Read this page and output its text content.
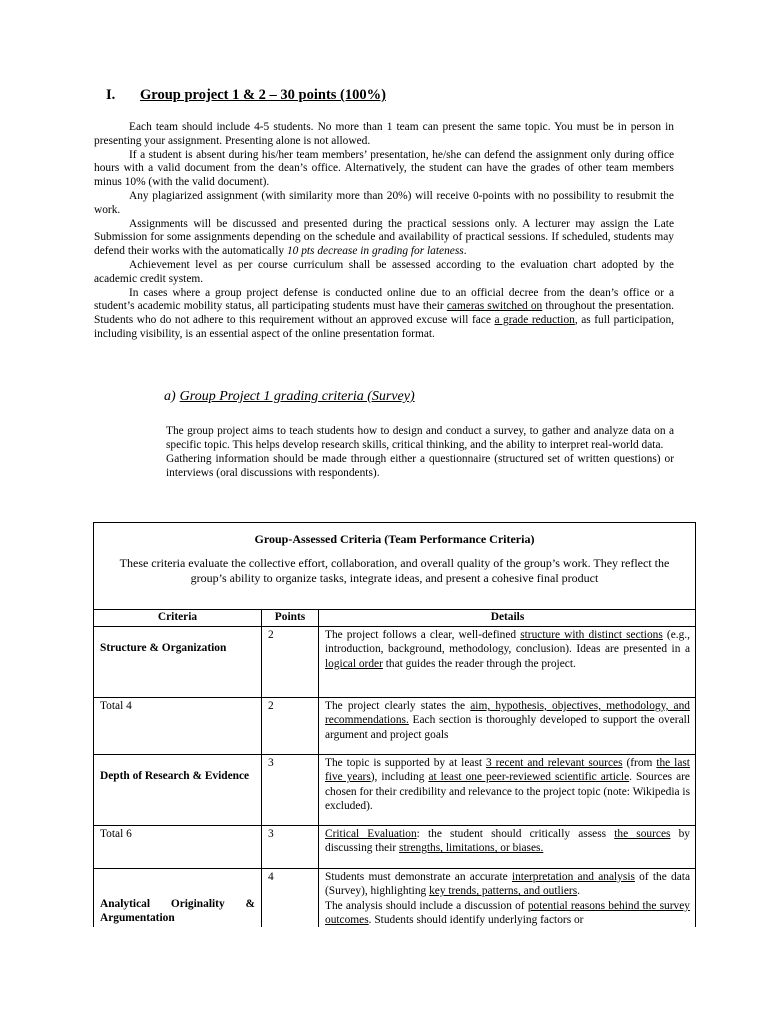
I. Group project 1 & 2 – 30 points (100%)

Each team should include 4-5 students. No more than 1 team can present the same topic. You must be in person in presenting your assignment. Presenting alone is not allowed.

If a student is absent during his/her team members’ presentation, he/she can defend the assignment only during office hours with a valid document from the dean’s office. Alternatively, the student can have the grades of other team members minus 10% (with the valid document).

Any plagiarized assignment (with similarity more than 20%) will receive 0-points with no possibility to resubmit the work.

Assignments will be discussed and presented during the practical sessions only. A lecturer may assign the Late Submission for some assignments depending on the schedule and availability of practical sessions. If scheduled, students may defend their works with the automatically 10 pts decrease in grading for lateness.

Achievement level as per course curriculum shall be assessed according to the evaluation chart adopted by the academic credit system.

In cases where a group project defense is conducted online due to an official decree from the dean’s office or a student’s academic mobility status, all participating students must have their cameras switched on throughout the presentation. Students who do not adhere to this requirement without an approved excuse will face a grade reduction, as full participation, including visibility, is an essential aspect of the online presentation format.

a) Group Project 1 grading criteria (Survey)

The group project aims to teach students how to design and conduct a survey, to gather and analyze data on a specific topic. This helps develop research skills, critical thinking, and the ability to interpret real-world data.

Gathering information should be made through either a questionnaire (structured set of written questions) or interviews (oral discussions with respondents).

Group-Assessed Criteria (Team Performance Criteria)
These criteria evaluate the collective effort, collaboration, and overall quality of the group’s work. They reflect the group’s ability to organize tasks, integrate ideas, and present a cohesive final product
Criteria	Points	Details
Structure & Organization	2	The project follows a clear, well-defined structure with distinct sections (e.g., introduction, background, methodology, conclusion). Ideas are presented in a logical order that guides the reader through the project.
Total 4	2	The project clearly states the aim, hypothesis, objectives, methodology, and recommendations. Each section is thoroughly developed to support the overall argument and project goals
Depth of Research & Evidence	3	The topic is supported by at least 3 recent and relevant sources (from the last five years), including at least one peer-reviewed scientific article. Sources are chosen for their credibility and relevance to the project topic (note: Wikipedia is excluded).
Total 6	3	Critical Evaluation: the student should critically assess the sources by discussing their strengths, limitations, or biases.
Analytical Originality & Argumentation	4	Students must demonstrate an accurate interpretation and analysis of the data (Survey), highlighting key trends, patterns, and outliers.
The analysis should include a discussion of potential reasons behind the survey outcomes. Students should identify underlying factors or
